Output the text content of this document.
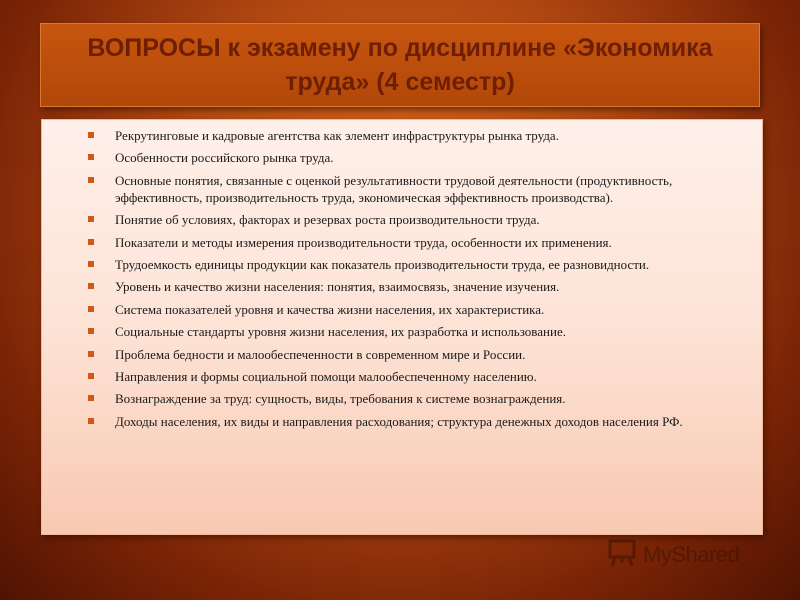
ВОПРОСЫ к экзамену по дисциплине «Экономика труда» (4 семестр)
Рекрутинговые и кадровые агентства как элемент инфраструктуры рынка труда.
Особенности российского рынка труда.
Основные понятия, связанные с оценкой результативности трудовой деятельности (продуктивность, эффективность, производительность труда, экономическая эффективность производства).
Понятие об условиях, факторах и резервах роста производительности труда.
Показатели и методы измерения производительности труда, особенности их применения.
Трудоемкость единицы продукции как показатель производительности труда, ее разновидности.
Уровень и качество жизни населения: понятия, взаимосвязь, значение изучения.
Система показателей уровня и качества жизни населения, их характеристика.
Социальные стандарты уровня жизни населения, их разработка и использование.
Проблема бедности и малообеспеченности в современном мире и России.
Направления и формы социальной помощи малообеспеченному населению.
Вознаграждение за труд: сущность, виды, требования к системе вознаграждения.
Доходы населения, их виды и направления расходования; структура денежных доходов населения РФ.
MyShared
